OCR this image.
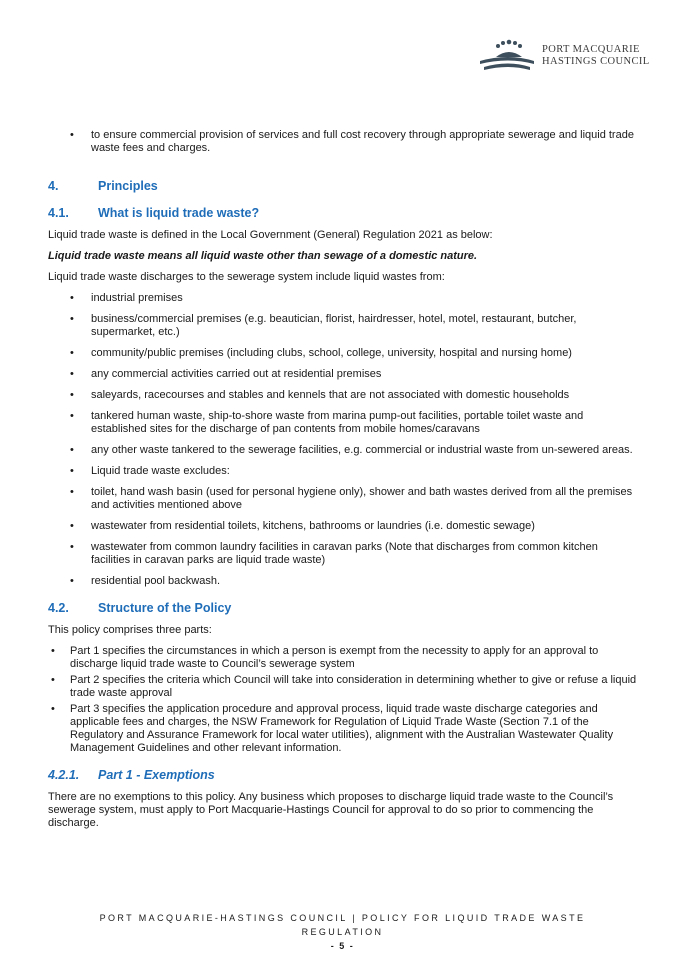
PORT MACQUARIE
HASTINGS COUNCIL
• to ensure commercial provision of services and full cost recovery through appropriate sewerage and liquid trade waste fees and charges.
4.	Principles
4.1.	What is liquid trade waste?

Liquid trade waste is defined in the Local Government (General) Regulation 2021 as below:

Liquid trade waste means all liquid waste other than sewage of a domestic nature.

Liquid trade waste discharges to the sewerage system include liquid wastes from:

• industrial premises
• business/commercial premises (e.g. beautician, florist, hairdresser, hotel, motel, restaurant, butcher, supermarket, etc.)
• community/public premises (including clubs, school, college, university, hospital and nursing home)
• any commercial activities carried out at residential premises
• saleyards, racecourses and stables and kennels that are not associated with domestic households
• tankered human waste, ship-to-shore waste from marina pump-out facilities, portable toilet waste and established sites for the discharge of pan contents from mobile homes/caravans
• any other waste tankered to the sewerage facilities, e.g. commercial or industrial waste from un-sewered areas.
• Liquid trade waste excludes:
• toilet, hand wash basin (used for personal hygiene only), shower and bath wastes derived from all the premises and activities mentioned above
• wastewater from residential toilets, kitchens, bathrooms or laundries (i.e. domestic sewage)
• wastewater from common laundry facilities in caravan parks (Note that discharges from common kitchen facilities in caravan parks are liquid trade waste)
• residential pool backwash.
4.2.	Structure of the Policy

This policy comprises three parts:

• Part 1 specifies the circumstances in which a person is exempt from the necessity to apply for an approval to discharge liquid trade waste to Council’s sewerage system
• Part 2 specifies the criteria which Council will take into consideration in determining whether to give or refuse a liquid trade waste approval
• Part 3 specifies the application procedure and approval process, liquid trade waste discharge categories and applicable fees and charges, the NSW Framework for Regulation of Liquid Trade Waste (Section 7.1 of the Regulatory and Assurance Framework for local water utilities), alignment with the Australian Wastewater Quality Management Guidelines and other relevant information.
4.2.1.	Part 1 - Exemptions

There are no exemptions to this policy. Any business which proposes to discharge liquid trade waste to the Council’s sewerage system, must apply to Port Macquarie-Hastings Council for approval to do so prior to commencing the discharge.

PORT MACQUARIE-HASTINGS COUNCIL | POLICY FOR LIQUID TRADE WASTE
REGULATION
- 5 -
